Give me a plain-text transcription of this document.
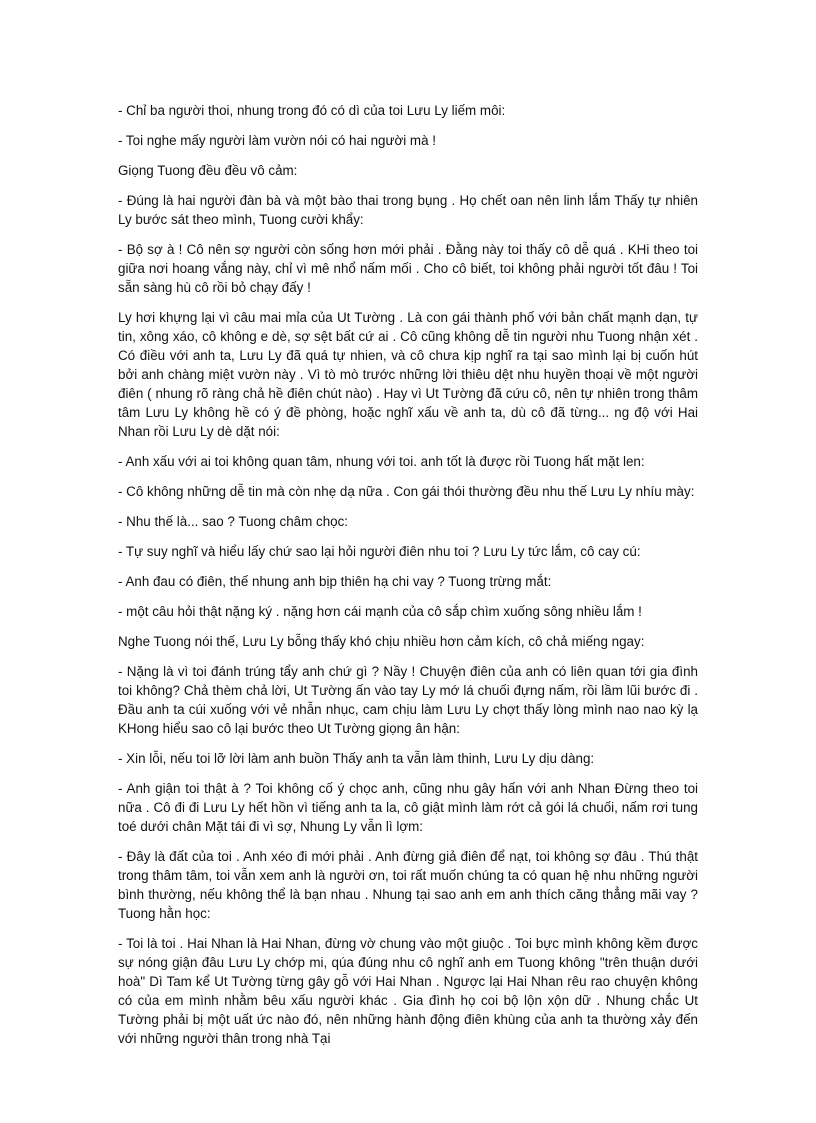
- Chỉ ba người thoi, nhung trong đó có dì của toi Lưu Ly liếm môi:

- Toi nghe mấy người làm vườn nói có hai người mà !

Giọng Tuong đều đều vô cảm:

- Đúng là hai người đàn bà và một bào thai trong bụng . Họ chết oan nên linh lắm Thấy tự nhiên Ly bước sát theo mình, Tuong cười khẩy:

- Bộ sợ à ! Cô nên sợ người còn sống hơn mới phải . Đằng này toi thấy cô dễ quá . KHi theo toi giữa nơi hoang vắng này, chỉ vì mê nhổ nấm mối . Cho cô biết, toi không phải người tốt đâu ! Toi sẵn sàng hù cô rồi bỏ chạy đấy !

Ly hơi khựng lại vì câu mai mỉa của Ut Tường . Là con gái thành phố với bản chất mạnh dạn, tự tin, xông xáo, cô không e dè, sợ sệt bất cứ ai . Cô cũng không dễ tin người nhu Tuong nhận xét . Có điều với anh ta, Lưu Ly đã quá tự nhien, và cô chưa kịp nghĩ ra tại sao mình lại bị cuốn hút bởi anh chàng miệt vườn này . Vì tò mò trước những lời thiêu dệt nhu huyền thoại về một người điên ( nhung rõ ràng chả hề điên chút nào) . Hay vì Ut Tường đã cứu cô, nên tự nhiên trong thâm tâm Lưu Ly không hề có ý đề phòng, hoặc nghĩ xấu về anh ta, dù cô đã từng... ng độ với Hai Nhan rồi Lưu Ly dè dặt nói:

- Anh xấu với ai toi không quan tâm, nhung với toi. anh tốt là được rồi Tuong hất mặt len:

- Cô không những dễ tin mà còn nhẹ dạ nữa . Con gái thói thường đều nhu thế Lưu Ly nhíu mày:

- Nhu thế là... sao ? Tuong châm chọc:

- Tự suy nghĩ và hiểu lấy chứ sao lại hỏi người điên nhu toi ? Lưu Ly tức lắm, cô cay cú:

- Anh đau có điên, thế nhung anh bịp thiên hạ chi vay ? Tuong trừng mắt:

- một câu hỏi thật nặng ký . nặng hơn cái mạnh của cô sắp chìm xuống sông nhiều lắm !

Nghe Tuong nói thế, Lưu Ly bỗng thấy khó chịu nhiều hơn cảm kích, cô chả miếng ngay:

- Nặng là vì toi đánh trúng tẩy anh chứ gì ? Nầy ! Chuyện điên của anh có liên quan tới gia đình toi không? Chả thèm chả lời, Ut Tường ấn vào tay Ly mớ lá chuối đựng nấm, rồi lầm lũi bước đi . Đầu anh ta cúi xuống với vẻ nhẫn nhục, cam chịu làm Lưu Ly chợt thấy lòng mình nao nao kỳ lạ KHong hiểu sao cô lại bước theo Ut Tường giọng ân hận:

- Xin lỗi, nếu toi lỡ lời làm anh buồn Thấy anh ta vẫn làm thinh, Lưu Ly dịu dàng:

- Anh giận toi thật à ? Toi không cố ý chọc anh, cũng nhu gây hấn với anh Nhan Đừng theo toi nữa . Cô đi đi Lưu Ly hết hồn vì tiếng anh ta la, cô giật mình làm rớt cả gói lá chuối, nấm rơi tung toé dưới chân Mặt tái đi vì sợ, Nhung Ly vẫn lì lợm:

- Đây là đất của toi . Anh xéo đi mới phải . Anh đừng giả điên để nạt, toi không sợ đâu . Thú thật trong thâm tâm, toi vẫn xem anh là người ơn, toi rất muốn chúng ta có quan hệ nhu những người bình thường, nếu không thể là bạn nhau . Nhung tại sao anh em anh thích căng thẳng mãi vay ? Tuong hằn học:

- Toi là toi . Hai Nhan là Hai Nhan, đừng vờ chung vào một giuộc . Toi bực mình không kềm được sự nóng giận đâu Lưu Ly chớp mi, qúa đúng nhu cô nghĩ anh em Tuong không "trên thuận dưới hoà" Dì Tam kể Ut Tường từng gây gỗ với Hai Nhan . Ngược lại Hai Nhan rêu rao chuyện không có của em mình nhằm bêu xấu người khác . Gia đình họ coi bộ lộn xộn dữ . Nhung chắc Ut Tường phải bị một uất ức nào đó, nên những hành động điên khùng của anh ta thường xảy đến với những người thân trong nhà Tại
